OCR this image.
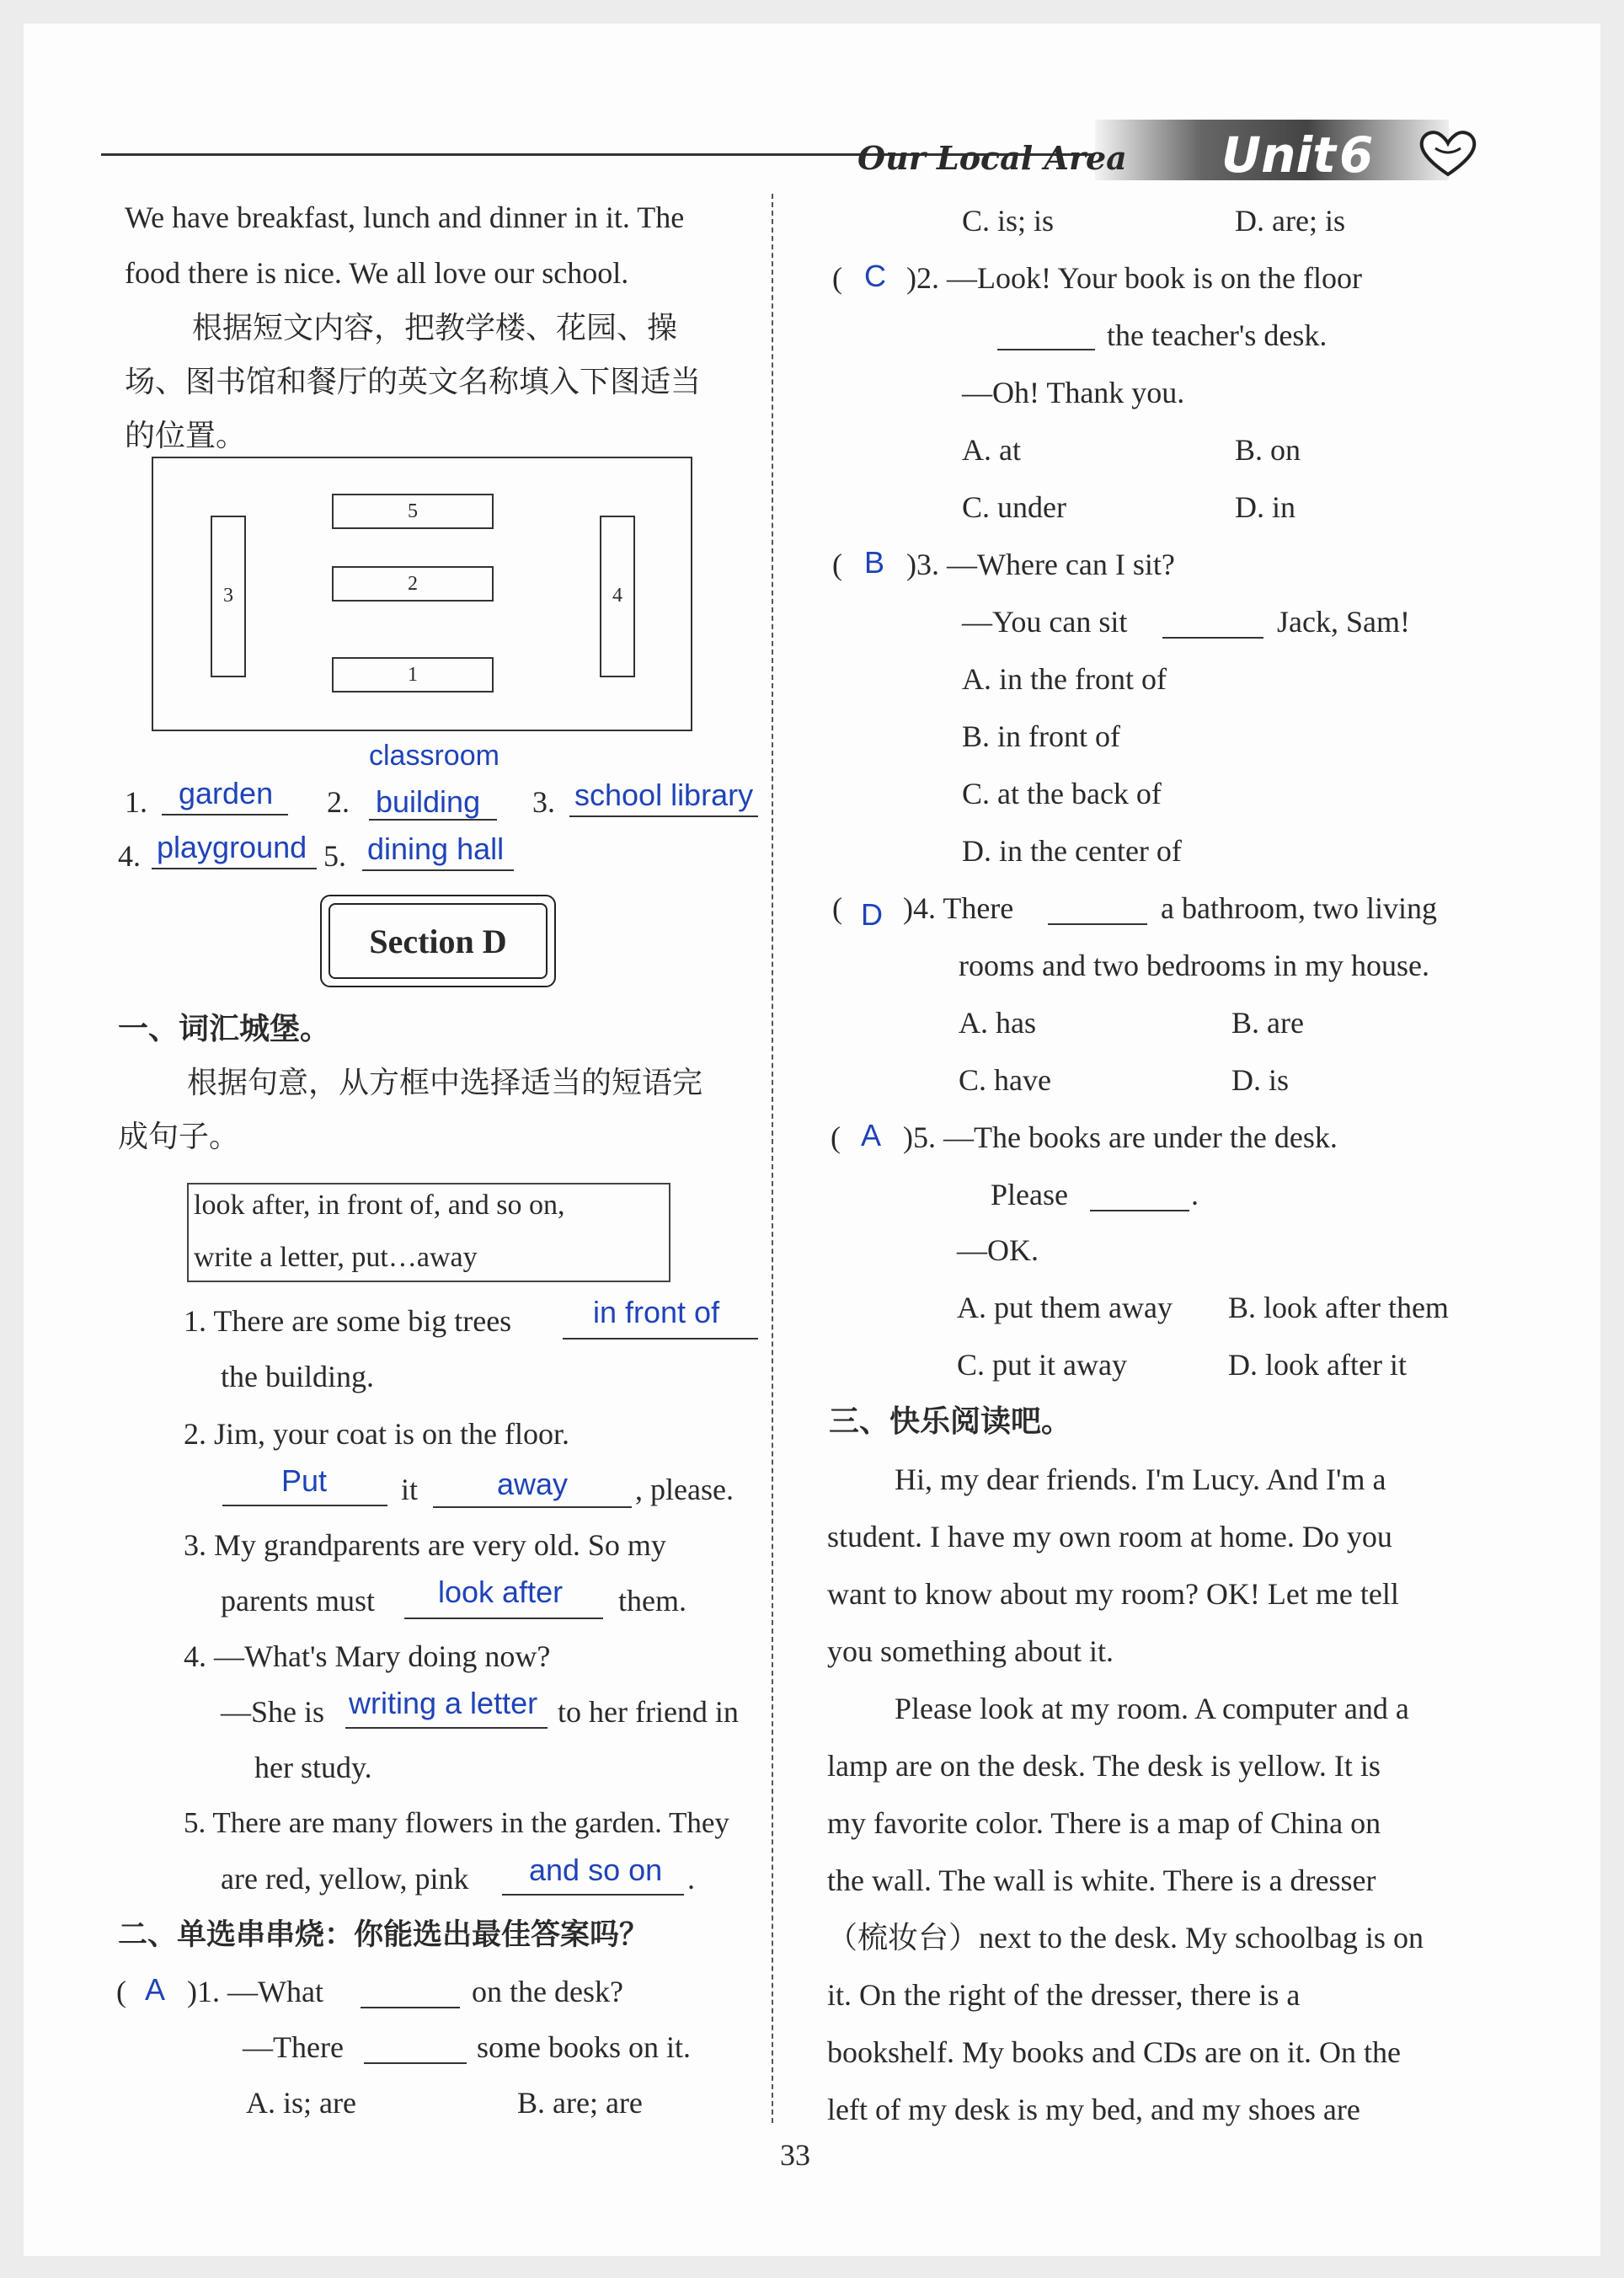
Our Local Area Unit 6
We have breakfast, lunch and dinner in it. The
food there is nice. We all love our school.
根据短文内容，把教学楼、花园、操
场、图书馆和餐厅的英文名称填入下图适当
的位置。
5
2
1
3	4
classroom
1. garden 2. building 3. school library
4. playground 5. dining hall
Section D
一、词汇城堡。
根据句意，从方框中选择适当的短语完
成句子。
look after, in front of, and so on,
write a letter, put…away
1. There are some big trees	in front of
the building.
2. Jim, your coat is on the floor.
Put it	away , please.
3. My grandparents are very old. So my
parents must look after them.
4. —What's Mary doing now?
—She is writing a letter to her friend in
her study.
5. There are many flowers in the garden. They
are red, yellow, pink and so on .
二、单选串串烧：你能选出最佳答案吗？
( A )1. —What	on the desk?
—There	some books on it.
A. is; are	B. are; are
C. is; is	D. are; is
( C )2. —Look! Your book is on the floor
the teacher's desk.
—Oh! Thank you.
A. at	B. on
C. under	D. in
( B )3. —Where can I sit?
—You can sit	Jack, Sam!
A. in the front of
B. in front of
C. at the back of
D. in the center of
( D )4. There	a bathroom, two living
rooms and two bedrooms in my house.
A. has	B. are
C. have	D. is
( A )5. —The books are under the desk.
Please	.
—OK.
A. put them away B. look after them
C. put it away	D. look after it
三、快乐阅读吧。
Hi, my dear friends. I'm Lucy. And I'm a
student. I have my own room at home. Do you
want to know about my room? OK! Let me tell
you something about it.
Please look at my room. A computer and a
lamp are on the desk. The desk is yellow. It is
my favorite color. There is a map of China on
the wall. The wall is white. There is a dresser
（梳妆台）next to the desk. My schoolbag is on
it. On the right of the dresser, there is a
bookshelf. My books and CDs are on it. On the
left of my desk is my bed, and my shoes are
33
